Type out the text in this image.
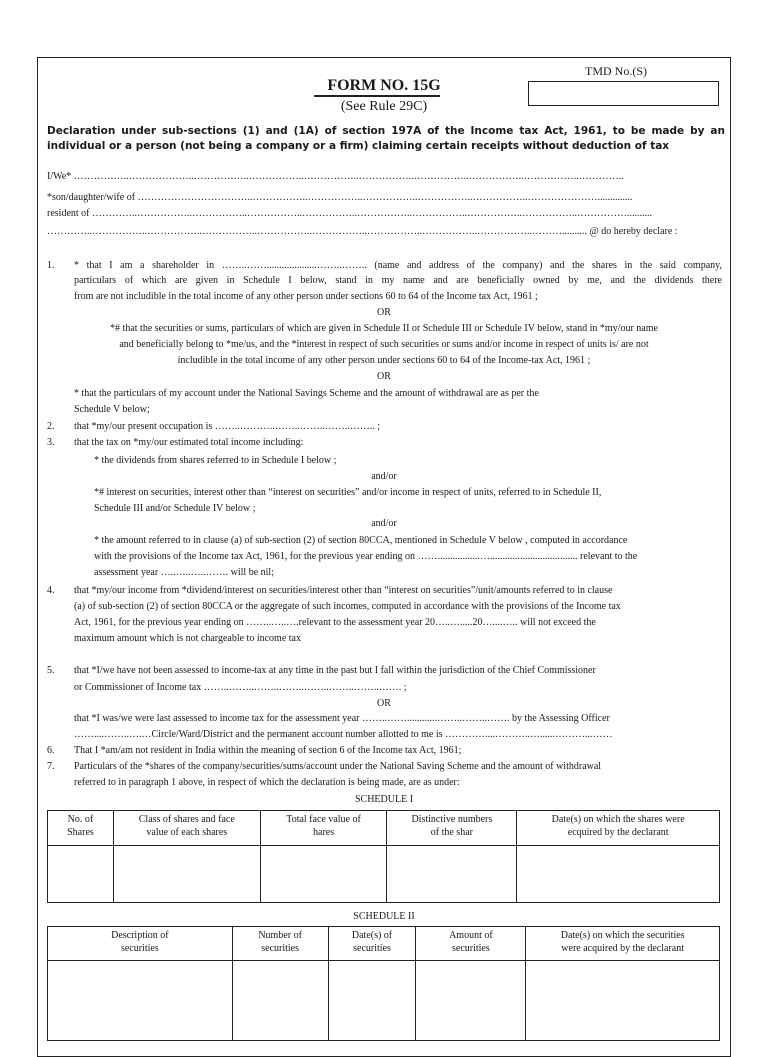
TMD No.(S)
FORM NO. 15G
(See Rule 29C)
Declaration under sub-sections (1) and (1A) of section 197A of the Income tax Act, 1961, to be made by an
individual or a person (not being a company or a firm) claiming certain receipts without deduction of tax
I/We* ……………..………………..……………..……………..……………..……………..……………..……………..……………..…………..
*son/daughter/wife of ……………………………..……………..……………..……………..……………..……………..…………………..............
resident of …………..……………..……………..……………..……………..……………..……………..……………..……………..……………..........
…………..……………..……………..……………..……………..……………..……………..……………..……………..……….......... @ do hereby declare :
1. * that I am a shareholder in ……..……....................……..…….. (name and address of the company) and the shares in the said company,
particulars of which are given in Schedule I below, stand in my name and are beneficially owned by me, and the dividends there
from are not includible in the total income of any other person under sections 60 to 64 of the Income tax Act, 1961 ;
OR
*# that the securities or sums, particulars of which are given in Schedule II or Schedule III or Schedule IV below, stand in *my/our name
and beneficially belong to *me/us, and the *interest in respect of such securities or sums and/or income in respect of units is/ are not
includible in the total income of any other person under sections 60 to 64 of the Income-tax Act, 1961 ;
OR
* that the particulars of my account under the National Savings Scheme and the amount of withdrawal are as per the
Schedule V below;
2. that *my/our present occupation is ……..………..……..……..……..…….. ;
3. that the tax on *my/our estimated total income including:
* the dividends from shares referred to in Schedule I below ;
and/or
*# interest on securities, interest other than “interest on securities” and/or income in respect of units, referred to in Schedule II,
Schedule III and/or Schedule IV below ;
and/or
* the amount referred to in clause (a) of sub-section (2) of section 80CCA, mentioned in Schedule V below , computed in accordance
with the provisions of the Income tax Act, 1961, for the previous year ending on …….................…................................... relevant to the
assessment year …..…..…..……. will be nil;
4. that *my/our income from *dividend/interest on securities/interest other than “interest on securities”/unit/amounts referred to in clause
(a) of sub-section (2) of section 80CCA or the aggregate of such incomes, computed in accordance with the provisions of the Income tax
Act, 1961, for the previous year ending on ……..…..….relevant to the assessment year 20…..….....20…....….. will not exceed the
maximum amount which is not chargeable to income tax
5. that *I/we have not been assessed to income-tax at any time in the past but I fall within the jurisdiction of the Chief Commissioner
or Commissioner of Income tax ……..……..……..……..……..……..……..……. ;
OR
that *I was/we were last assessed to income tax for the assessment year ……..……............……..……..……. by the Assessing Officer
……....……..….…Circle/Ward/District and the permanent account number allotted to me is …………....………..…......………...……
6. That I *am/am not resident in India within the meaning of section 6 of the Income tax Act, 1961;
7. Particulars of the *shares of the company/securities/sums/account under the National Saving Scheme and the amount of withdrawal
referred to in paragraph 1 above, in respect of which the declaration is being made, are as under:
SCHEDULE I
No. of
Shares	Class of shares and face
value of each shares	Total face value of
hares	Distinctive numbers
of the shar	Date(s) on which the shares were
ecquired by the declarant

SCHEDULE II
Description of
securities	Number of
securities	Date(s) of
securities	Amount of
securities	Date(s) on which the securities
were acquired by the declarant
